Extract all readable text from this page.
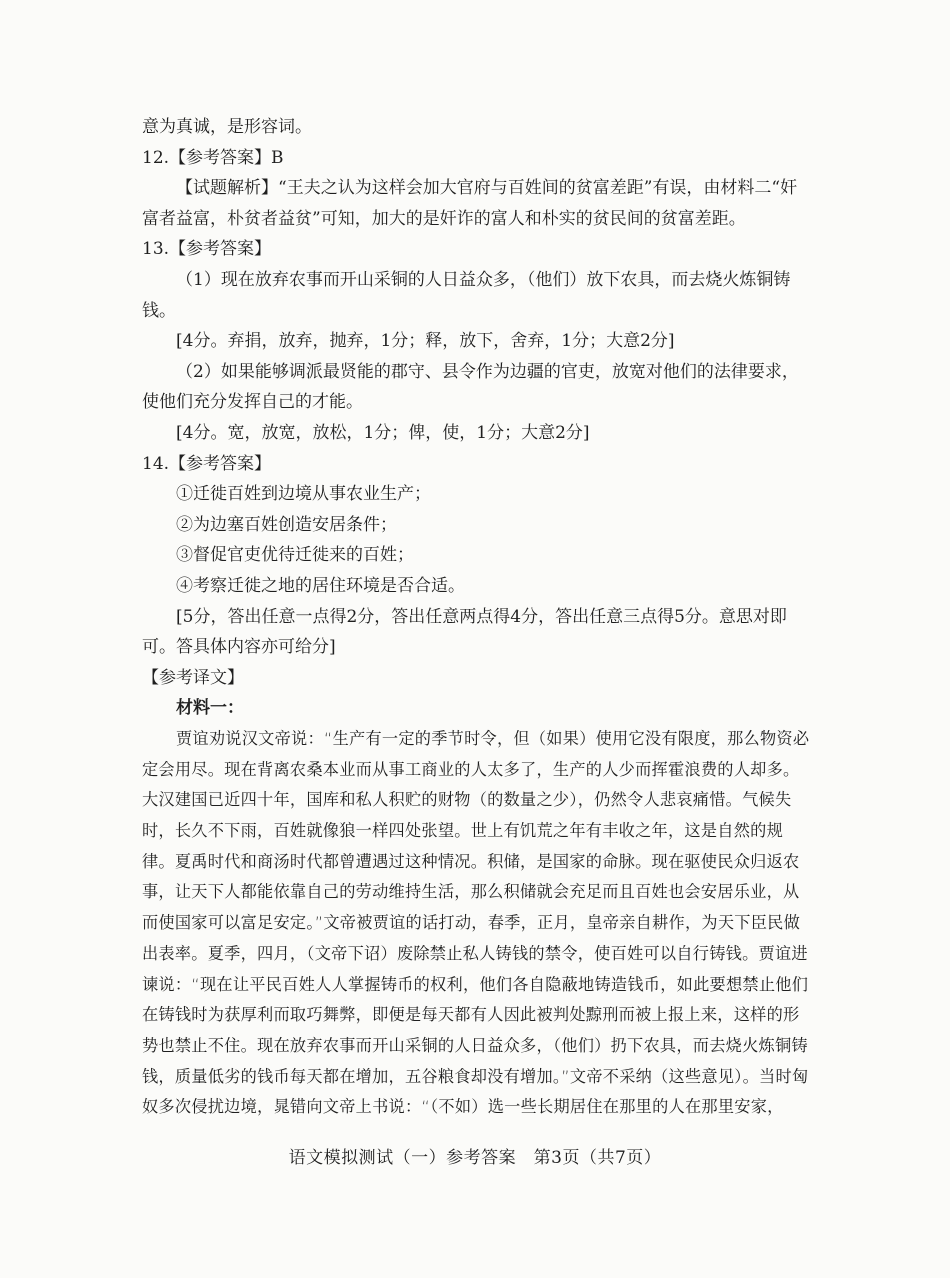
意为真诚，是形容词。

12.【参考答案】B

【试题解析】“王夫之认为这样会加大官府与百姓间的贫富差距”有误，由材料二“奸富者益富，朴贫者益贫”可知，加大的是奸诈的富人和朴实的贫民间的贫富差距。

13.【参考答案】

（1）现在放弃农事而开山采铜的人日益众多，（他们）放下农具，而去烧火炼铜铸钱。

[4分。弃捐，放弃，抛弃，1分；释，放下，舍弃，1分；大意2分]

（2）如果能够调派最贤能的郡守、县令作为边疆的官吏，放宽对他们的法律要求，使他们充分发挥自己的才能。

[4分。宽，放宽，放松，1分；俾，使，1分；大意2分]

14.【参考答案】

①迁徙百姓到边境从事农业生产；

②为边塞百姓创造安居条件；

③督促官吏优待迁徙来的百姓；

④考察迁徙之地的居住环境是否合适。

[5分，答出任意一点得2分，答出任意两点得4分，答出任意三点得5分。意思对即可。答具体内容亦可给分]

【参考译文】

材料一：

贾谊劝说汉文帝说：“生产有一定的季节时令，但（如果）使用它没有限度，那么物资必定会用尽。现在背离农桑本业而从事工商业的人太多了，生产的人少而挥霍浪费的人却多。大汉建国已近四十年，国库和私人积贮的财物（的数量之少），仍然令人悲哀痛惜。气候失时，长久不下雨，百姓就像狼一样四处张望。世上有饥荒之年有丰收之年，这是自然的规律。夏禹时代和商汤时代都曾遭遇过这种情况。积储，是国家的命脉。现在驱使民众归返农事，让天下人都能依靠自己的劳动维持生活，那么积储就会充足而且百姓也会安居乐业，从而使国家可以富足安定。”文帝被贾谊的话打动，春季，正月，皇帝亲自耕作，为天下臣民做出表率。夏季，四月，（文帝下诏）废除禁止私人铸钱的禁令，使百姓可以自行铸钱。贾谊进谏说：“现在让平民百姓人人掌握铸币的权利，他们各自隐蔽地铸造钱币，如此要想禁止他们在铸钱时为获厚利而取巧舞弊，即便是每天都有人因此被判处黥刑而被上报上来，这样的形势也禁止不住。现在放弃农事而开山采铜的人日益众多，（他们）扔下农具，而去烧火炼铜铸钱，质量低劣的钱币每天都在增加，五谷粮食却没有增加。”文帝不采纳（这些意见）。当时匈奴多次侵扰边境，晁错向文帝上书说：“（不如）选一些长期居住在那里的人在那里安家，

语文模拟测试（一）参考答案　第3页（共7页）
